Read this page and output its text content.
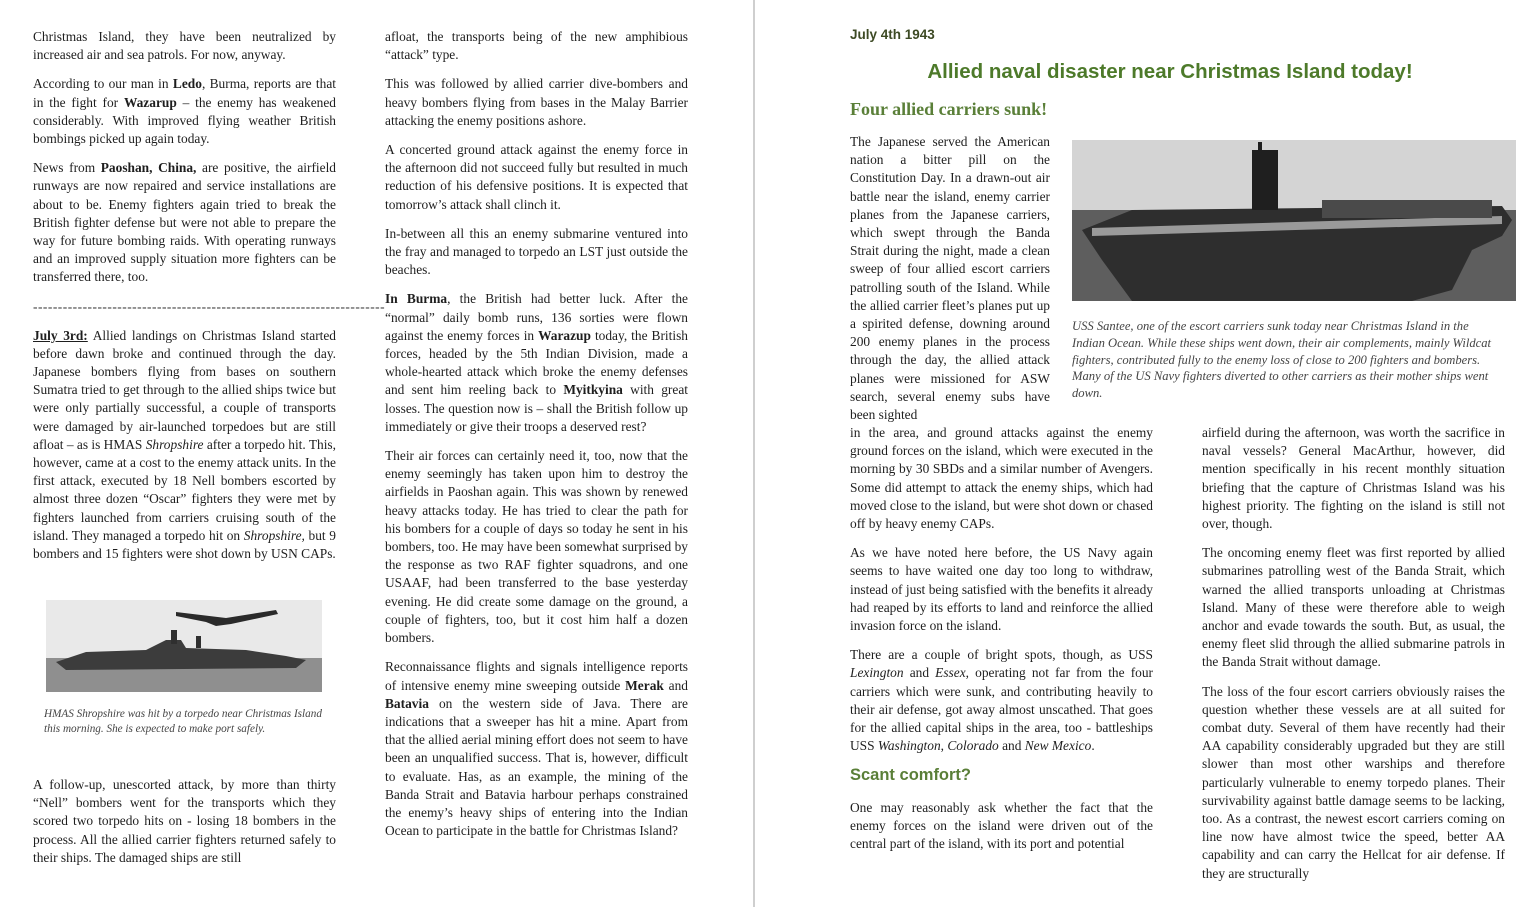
Christmas Island, they have been neutralized by increased air and sea patrols. For now, anyway.

According to our man in Ledo, Burma, reports are that in the fight for Wazarup – the enemy has weakened considerably. With improved flying weather British bombings picked up again today.

News from Paoshan, China, are positive, the airfield runways are now repaired and service installations are about to be. Enemy fighters again tried to break the British fighter defense but were not able to prepare the way for future bombing raids. With operating runways and an improved supply situation more fighters can be transferred there, too.

-----------------------------------------------------------------------

July 3rd: Allied landings on Christmas Island started before dawn broke and continued through the day. Japanese bombers flying from bases on southern Sumatra tried to get through to the allied ships twice but were only partially successful, a couple of transports were damaged by air-launched torpedoes but are still afloat – as is HMAS Shropshire after a torpedo hit. This, however, came at a cost to the enemy attack units. In the first attack, executed by 18 Nell bombers escorted by almost three dozen “Oscar” fighters they were met by fighters launched from carriers cruising south of the island. They managed a torpedo hit on Shropshire, but 9 bombers and 15 fighters were shot down by USN CAPs.

HMAS Shropshire was hit by a torpedo near Christmas Island this morning. She is expected to make port safely.

A follow-up, unescorted attack, by more than thirty “Nell” bombers went for the transports which they scored two torpedo hits on - losing 18 bombers in the process. All the allied carrier fighters returned safely to their ships. The damaged ships are still

afloat, the transports being of the new amphibious “attack” type.

This was followed by allied carrier dive-bombers and heavy bombers flying from bases in the Malay Barrier attacking the enemy positions ashore.

A concerted ground attack against the enemy force in the afternoon did not succeed fully but resulted in much reduction of his defensive positions. It is expected that tomorrow’s attack shall clinch it.

In-between all this an enemy submarine ventured into the fray and managed to torpedo an LST just outside the beaches.

In Burma, the British had better luck. After the “normal” daily bomb runs, 136 sorties were flown against the enemy forces in Warazup today, the British forces, headed by the 5th Indian Division, made a whole-hearted attack which broke the enemy defenses and sent him reeling back to Myitkyina with great losses. The question now is – shall the British follow up immediately or give their troops a deserved rest?

Their air forces can certainly need it, too, now that the enemy seemingly has taken upon him to destroy the airfields in Paoshan again. This was shown by renewed heavy attacks today. He has tried to clear the path for his bombers for a couple of days so today he sent in his bombers, too. He may have been somewhat surprised by the response as two RAF fighter squadrons, and one USAAF, had been transferred to the base yesterday evening. He did create some damage on the ground, a couple of fighters, too, but it cost him half a dozen bombers.

Reconnaissance flights and signals intelligence reports of intensive enemy mine sweeping outside Merak and Batavia on the western side of Java. There are indications that a sweeper has hit a mine. Apart from that the allied aerial mining effort does not seem to have been an unqualified success. That is, however, difficult to evaluate. Has, as an example, the mining of the Banda Strait and Batavia harbour perhaps constrained the enemy’s heavy ships of entering into the Indian Ocean to participate in the battle for Christmas Island?

July 4th 1943
Allied naval disaster near Christmas Island today!
Four allied carriers sunk!

The Japanese served the American nation a bitter pill on the Constitution Day. In a drawn-out air battle near the island, enemy carrier planes from the Japanese carriers, which swept through the Banda Strait during the night, made a clean sweep of four allied escort carriers patrolling south of the Island. While the allied carrier fleet’s planes put up a spirited defense, downing around 200 enemy planes in the process through the day, the allied attack planes were missioned for ASW search, several enemy subs have been sighted

USS Santee, one of the escort carriers sunk today near Christmas Island in the Indian Ocean. While these ships went down, their air complements, mainly Wildcat fighters, contributed fully to the enemy loss of close to 200 fighters and bombers. Many of the US Navy fighters diverted to other carriers as their mother ships went down.

in the area, and ground attacks against the enemy ground forces on the island, which were executed in the morning by 30 SBDs and a similar number of Avengers. Some did attempt to attack the enemy ships, which had moved close to the island, but were shot down or chased off by heavy enemy CAPs.

As we have noted here before, the US Navy again seems to have waited one day too long to withdraw, instead of just being satisfied with the benefits it already had reaped by its efforts to land and reinforce the allied invasion force on the island.

There are a couple of bright spots, though, as USS Lexington and Essex, operating not far from the four carriers which were sunk, and contributing heavily to their air defense, got away almost unscathed. That goes for the allied capital ships in the area, too - battleships USS Washington, Colorado and New Mexico.

Scant comfort?

One may reasonably ask whether the fact that the enemy forces on the island were driven out of the central part of the island, with its port and potential

airfield during the afternoon, was worth the sacrifice in naval vessels? General MacArthur, however, did mention specifically in his recent monthly situation briefing that the capture of Christmas Island was his highest priority. The fighting on the island is still not over, though.

The oncoming enemy fleet was first reported by allied submarines patrolling west of the Banda Strait, which warned the allied transports unloading at Christmas Island. Many of these were therefore able to weigh anchor and evade towards the south. But, as usual, the enemy fleet slid through the allied submarine patrols in the Banda Strait without damage.

The loss of the four escort carriers obviously raises the question whether these vessels are at all suited for combat duty. Several of them have recently had their AA capability considerably upgraded but they are still slower than most other warships and therefore particularly vulnerable to enemy torpedo planes. Their survivability against battle damage seems to be lacking, too. As a contrast, the newest escort carriers coming on line now have almost twice the speed, better AA capability and can carry the Hellcat for air defense. If they are structurally
